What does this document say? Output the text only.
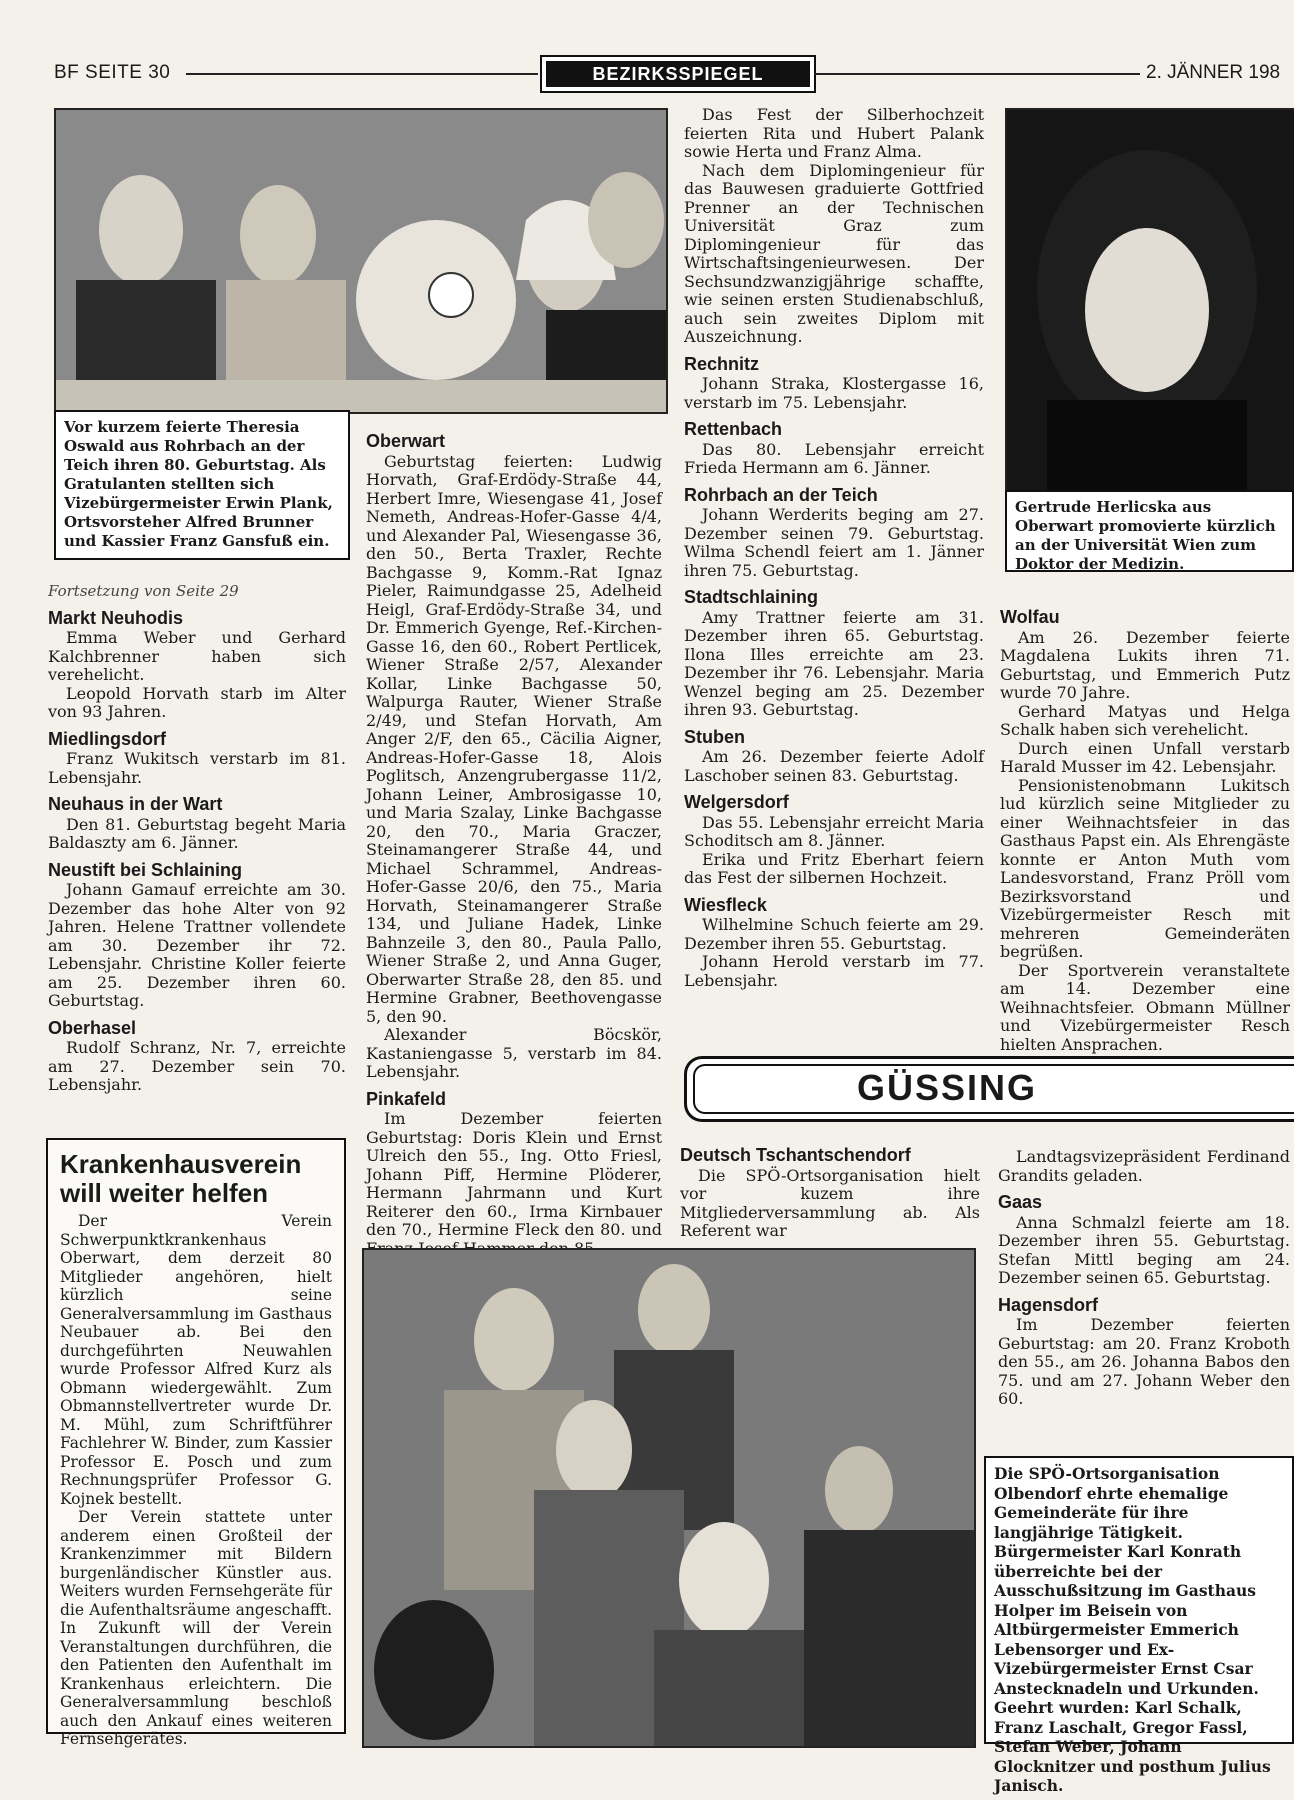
BF SEITE 30	BEZIRKSSPIEGEL	2. JÄNNER 198
Vor kurzem feierte Theresia Oswald aus Rohrbach an der Teich ihren 80. Geburtstag. Als Gratulanten stellten sich Vizebürgermeister Erwin Plank, Ortsvorsteher Alfred Brunner und Kassier Franz Gansfuß ein.
Gertrude Herlicska aus Oberwart promovierte kürzlich an der Universität Wien zum Doktor der Medizin.
Fortsetzung von Seite 29
Markt Neuhodis

Emma Weber und Gerhard Kalchbrenner haben sich verehelicht.

Leopold Horvath starb im Alter von 93 Jahren.

Miedlingsdorf

Franz Wukitsch verstarb im 81. Lebensjahr.

Neuhaus in der Wart

Den 81. Geburtstag begeht Maria Baldaszty am 6. Jänner.

Neustift bei Schlaining

Johann Gamauf erreichte am 30. Dezember das hohe Alter von 92 Jahren. Helene Trattner vollendete am 30. Dezember ihr 72. Lebensjahr. Christine Koller feierte am 25. Dezember ihren 60. Geburtstag.

Oberhasel

Rudolf Schranz, Nr. 7, erreichte am 27. Dezember sein 70. Lebensjahr.

Krankenhausverein will weiter helfen

Der Verein Schwerpunktkrankenhaus Oberwart, dem derzeit 80 Mitglieder angehören, hielt kürzlich seine Generalversammlung im Gasthaus Neubauer ab. Bei den durchgeführten Neuwahlen wurde Professor Alfred Kurz als Obmann wiedergewählt. Zum Obmannstellvertreter wurde Dr. M. Mühl, zum Schriftführer Fachlehrer W. Binder, zum Kassier Professor E. Posch und zum Rechnungsprüfer Professor G. Kojnek bestellt.

Der Verein stattete unter anderem einen Großteil der Krankenzimmer mit Bildern burgenländischer Künstler aus. Weiters wurden Fernsehgeräte für die Aufenthaltsräume angeschafft. In Zukunft will der Verein Veranstaltungen durchführen, die den Patienten den Aufenthalt im Krankenhaus erleichtern. Die Generalversammlung beschloß auch den Ankauf eines weiteren Fernsehgerätes.

Oberwart

Geburtstag feierten: Ludwig Horvath, Graf-Erdödy-Straße 44, Herbert Imre, Wiesengase 41, Josef Nemeth, Andreas-Hofer-Gasse 4/4, und Alexander Pal, Wiesengasse 36, den 50., Berta Traxler, Rechte Bachgasse 9, Komm.-Rat Ignaz Pieler, Raimundgasse 25, Adelheid Heigl, Graf-Erdödy-Straße 34, und Dr. Emmerich Gyenge, Ref.-Kirchen-Gasse 16, den 60., Robert Pertlicek, Wiener Straße 2/57, Alexander Kollar, Linke Bachgasse 50, Walpurga Rauter, Wiener Straße 2/49, und Stefan Horvath, Am Anger 2/F, den 65., Cäcilia Aigner, Andreas-Hofer-Gasse 18, Alois Poglitsch, Anzengrubergasse 11/2, Johann Leiner, Ambrosigasse 10, und Maria Szalay, Linke Bachgasse 20, den 70., Maria Graczer, Steinamangerer Straße 44, und Michael Schrammel, Andreas-Hofer-Gasse 20/6, den 75., Maria Horvath, Steinamangerer Straße 134, und Juliane Hadek, Linke Bahnzeile 3, den 80., Paula Pallo, Wiener Straße 2, und Anna Guger, Oberwarter Straße 28, den 85. und Hermine Grabner, Beethovengasse 5, den 90.

Alexander Böcskör, Kastaniengasse 5, verstarb im 84. Lebensjahr.

Pinkafeld

Im Dezember feierten Geburtstag: Doris Klein und Ernst Ulreich den 55., Ing. Otto Friesl, Johann Piff, Hermine Plöderer, Hermann Jahrmann und Kurt Reiterer den 60., Irma Kirnbauer den 70., Hermine Fleck den 80. und

Das Fest der Silberhochzeit feierten Rita und Hubert Palank sowie Herta und Franz Alma.

Nach dem Diplomingenieur für das Bauwesen graduierte Gottfried Prenner an der Technischen Universität Graz zum Diplomingenieur für das Wirtschaftsingenieurwesen. Der Sechsundzwanzigjährige schaffte, wie seinen ersten Studienabschluß, auch sein zweites Diplom mit Auszeichnung.

Rechnitz

Johann Straka, Klostergasse 16, verstarb im 75. Lebensjahr.

Rettenbach

Das 80. Lebensjahr erreicht Frieda Hermann am 6. Jänner.

Rohrbach an der Teich

Johann Werderits beging am 27. Dezember seinen 79. Geburtstag. Wilma Schendl feiert am 1. Jänner ihren 75. Geburtstag.

Stadtschlaining

Amy Trattner feierte am 31. Dezember ihren 65. Geburtstag. Ilona Illes erreichte am 23. Dezember ihr 76. Lebensjahr. Maria Wenzel beging am 25. Dezember ihren 93. Geburtstag.

Stuben

Am 26. Dezember feierte Adolf Laschober seinen 83. Geburtstag.

Welgersdorf

Das 55. Lebensjahr erreicht Maria Schoditsch am 8. Jänner.

Erika und Fritz Eberhart feiern das Fest der silbernen Hochzeit.

Wiesfleck

Wilhelmine Schuch feierte am 29. Dezember ihren 55. Geburtstag.

Johann Herold verstarb im 77. Lebensjahr.

Wolfau

Am 26. Dezember feierte Magdalena Lukits ihren 71. Geburtstag, und Emmerich Putz wurde 70 Jahre.

Gerhard Matyas und Helga Schalk haben sich verehelicht.

Durch einen Unfall verstarb Harald Musser im 42. Lebensjahr.

Pensionistenobmann Lukitsch lud kürzlich seine Mitglieder zu einer Weihnachtsfeier in das Gasthaus Papst ein. Als Ehrengäste konnte er Anton Muth vom Landesvorstand, Franz Pröll vom Bezirksvorstand und Vizebürgermeister Resch mit mehreren Gemeinderäten begrüßen.

Der Sportverein veranstaltete am 14. Dezember eine Weihnachtsfeier. Obmann Müllner und Vizebürgermeister Resch hielten Ansprachen.

GÜSSING
Deutsch Tschantschendorf

Die SPÖ-Ortsorganisation hielt vor kuzem ihre Mitgliederversammlung ab. Als Referent war

Landtagsvizepräsident Ferdinand Grandits geladen.

Gaas

Anna Schmalzl feierte am 18. Dezember ihren 55. Geburtstag. Stefan Mittl beging am 24. Dezember seinen 65. Geburtstag.

Hagensdorf

Im Dezember feierten Geburtstag: am 20. Franz Kroboth den 55., am 26. Johanna Babos den 75. und am 27. Johann Weber den 60.

Die SPÖ-Ortsorganisation Olbendorf ehrte ehemalige Gemeinderäte für ihre langjährige Tätigkeit. Bürgermeister Karl Konrath überreichte bei der Ausschußsitzung im Gasthaus Holper im Beisein von Altbürgermeister Emmerich Lebensorger und Ex-Vizebürgermeister Ernst Csar Anstecknadeln und Urkunden. Geehrt wurden: Karl Schalk, Franz Laschalt, Gregor Fassl, Stefan Weber, Johann Glocknitzer und posthum Julius Janisch.
